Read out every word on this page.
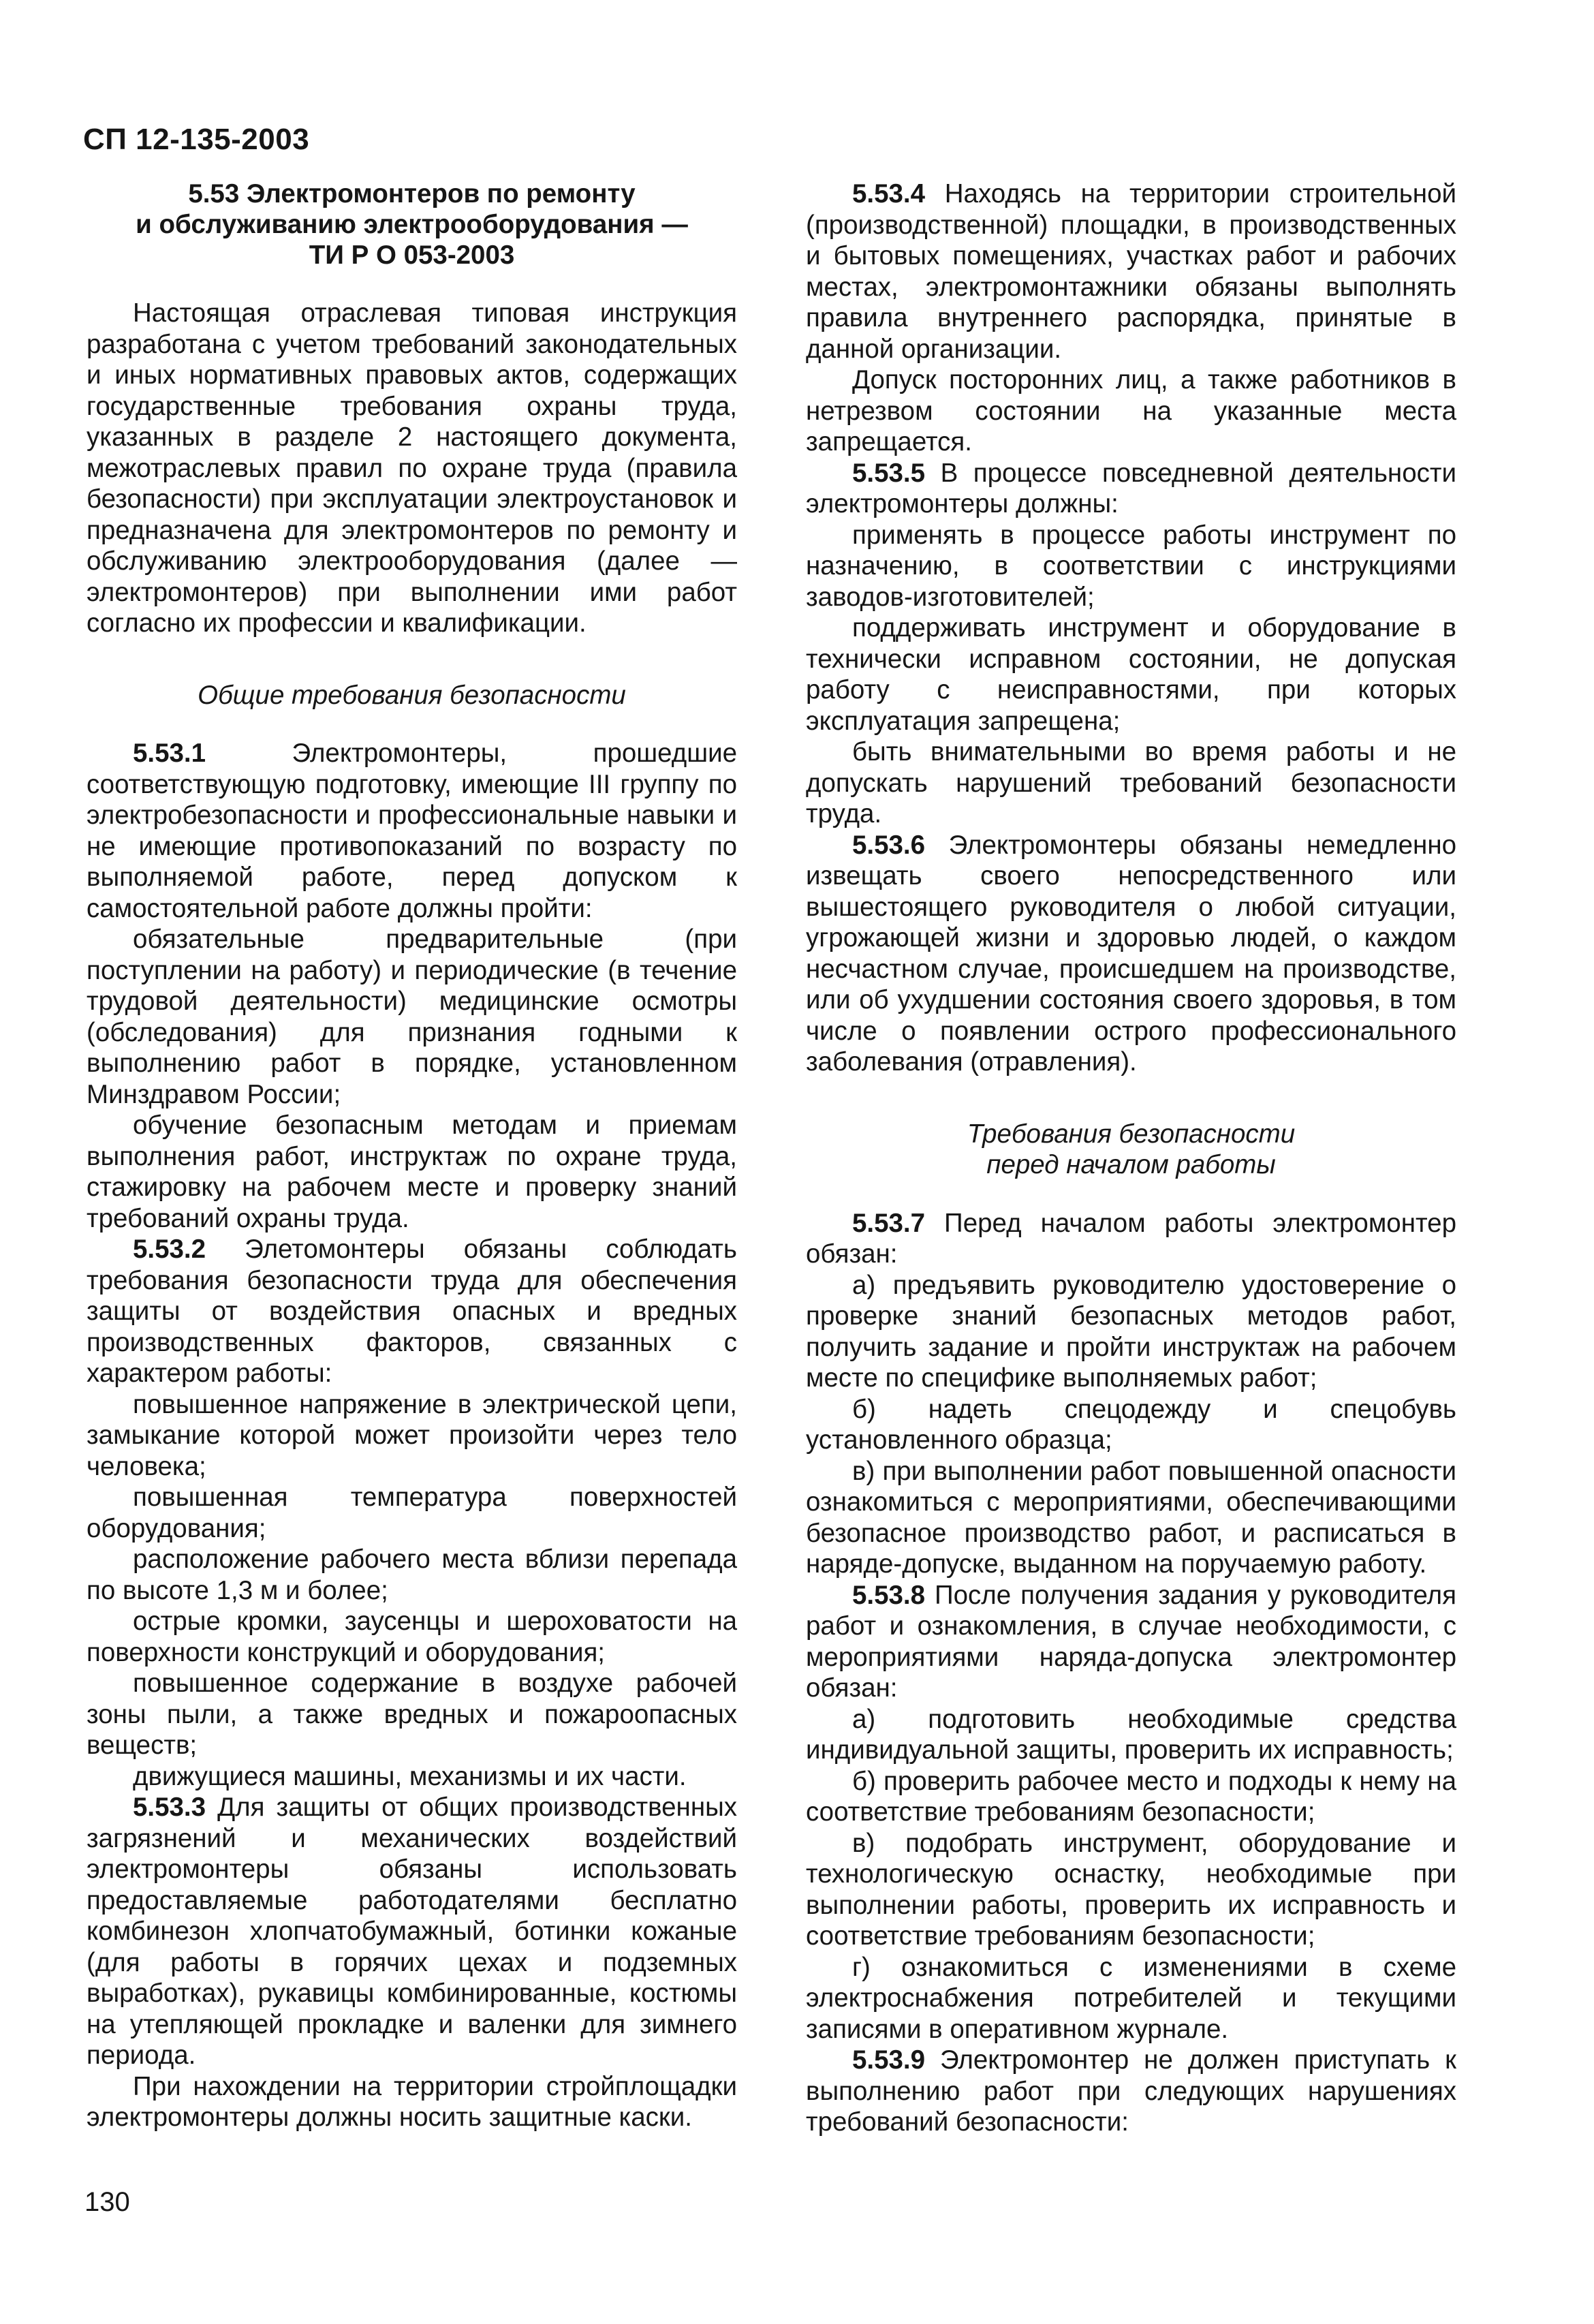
СП 12-135-2003
5.53 Электромонтеров по ремонту
и обслуживанию электрооборудования —
ТИ Р О 053-2003

Настоящая отраслевая типовая инструкция разработана с учетом требований законодательных и иных нормативных правовых актов, содержащих государственные требования охраны труда, указанных в разделе 2 настоящего документа, межотраслевых правил по охране труда (правила безопасности) при эксплуатации электроустановок и предназначена для электромонтеров по ремонту и обслуживанию электрооборудования (далее — электромонтеров) при выполнении ими работ согласно их профессии и квалификации.

Общие требования безопасности

5.53.1 Электромонтеры, прошедшие соответствующую подготовку, имеющие III группу по электробезопасности и профессиональные навыки и не имеющие противопоказаний по возрасту по выполняемой работе, перед допуском к самостоятельной работе должны пройти:

обязательные предварительные (при поступлении на работу) и периодические (в течение трудовой деятельности) медицинские осмотры (обследования) для признания годными к выполнению работ в порядке, установленном Минздравом России;

обучение безопасным методам и приемам выполнения работ, инструктаж по охране труда, стажировку на рабочем месте и проверку знаний требований охраны труда.

5.53.2 Элетомонтеры обязаны соблюдать требования безопасности труда для обеспечения защиты от воздействия опасных и вредных производственных факторов, связанных с характером работы:

повышенное напряжение в электрической цепи, замыкание которой может произойти через тело человека;

повышенная температура поверхностей оборудования;

расположение рабочего места вблизи перепада по высоте 1,3 м и более;

острые кромки, заусенцы и шероховатости на поверхности конструкций и оборудования;

повышенное содержание в воздухе рабочей зоны пыли, а также вредных и пожароопасных веществ;

движущиеся машины, механизмы и их части.

5.53.3 Для защиты от общих производственных загрязнений и механических воздействий электромонтеры обязаны использовать предоставляемые работодателями бесплатно комбинезон хлопчатобумажный, ботинки кожаные (для работы в горячих цехах и подземных выработках), рукавицы комбинированные, костюмы на утепляющей прокладке и валенки для зимнего периода.

При нахождении на территории стройплощадки электромонтеры должны носить защитные каски.

5.53.4 Находясь на территории строительной (производственной) площадки, в производственных и бытовых помещениях, участках работ и рабочих местах, электромонтажники обязаны выполнять правила внутреннего распорядка, принятые в данной организации.

Допуск посторонних лиц, а также работников в нетрезвом состоянии на указанные места запрещается.

5.53.5 В процессе повседневной деятельности электромонтеры должны:

применять в процессе работы инструмент по назначению, в соответствии с инструкциями заводов-изготовителей;

поддерживать инструмент и оборудование в технически исправном состоянии, не допуская работу с неисправностями, при которых эксплуатация запрещена;

быть внимательными во время работы и не допускать нарушений требований безопасности труда.

5.53.6 Электромонтеры обязаны немедленно извещать своего непосредственного или вышестоящего руководителя о любой ситуации, угрожающей жизни и здоровью людей, о каждом несчастном случае, происшедшем на производстве, или об ухудшении состояния своего здоровья, в том числе о появлении острого профессионального заболевания (отравления).

Требования безопасности
перед началом работы

5.53.7 Перед началом работы электромонтер обязан:

а) предъявить руководителю удостоверение о проверке знаний безопасных методов работ, получить задание и пройти инструктаж на рабочем месте по специфике выполняемых работ;

б) надеть спецодежду и спецобувь установленного образца;

в) при выполнении работ повышенной опасности ознакомиться с мероприятиями, обеспечивающими безопасное производство работ, и расписаться в наряде-допуске, выданном на поручаемую работу.

5.53.8 После получения задания у руководителя работ и ознакомления, в случае необходимости, с мероприятиями наряда-допуска электромонтер обязан:

а) подготовить необходимые средства индивидуальной защиты, проверить их исправность;

б) проверить рабочее место и подходы к нему на соответствие требованиям безопасности;

в) подобрать инструмент, оборудование и технологическую оснастку, необходимые при выполнении работы, проверить их исправность и соответствие требованиям безопасности;

г) ознакомиться с изменениями в схеме электроснабжения потребителей и текущими записями в оперативном журнале.

5.53.9 Электромонтер не должен приступать к выполнению работ при следующих нарушениях требований безопасности:

130
